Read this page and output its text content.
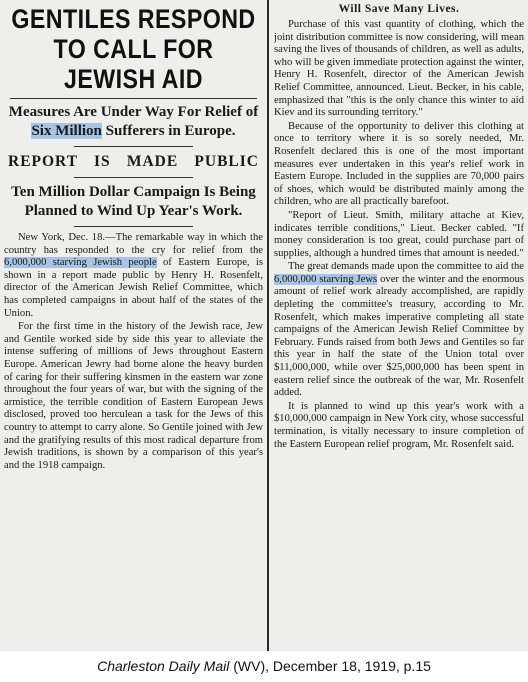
GENTILES RESPOND TO CALL FOR JEWISH AID
Measures Are Under Way For Relief of Six Million Sufferers in Europe.
REPORT IS MADE PUBLIC
Ten Million Dollar Campaign Is Being Planned to Wind Up Year's Work.

New York, Dec. 18.—The remarkable way in which the country has responded to the cry for relief from the 6,000,000 starving Jewish people of Eastern Europe, is shown in a report made public by Henry H. Rosenfelt, director of the American Jewish Relief Committee, which has completed campaigns in about half of the states of the Union.

For the first time in the history of the Jewish race, Jew and Gentile worked side by side this year to alleviate the intense suffering of millions of Jews throughout Eastern Europe. American Jewry had borne alone the heavy burden of caring for their suffering kinsmen in the eastern war zone throughout the four years of war, but with the signing of the armistice, the terrible condition of Eastern European Jews disclosed, proved too herculean a task for the Jews of this country to attempt to carry alone. So Gentile joined with Jew and the gratifying results of this most radical departure from Jewish traditions, is shown by a comparison of this year's and the 1918 campaign.

Will Save Many Lives.

Purchase of this vast quantity of clothing, which the joint distribution committee is now considering, will mean saving the lives of thousands of children, as well as adults, who will be given immediate protection against the winter, Henry H. Rosenfelt, director of the American Jewish Relief Committee, announced. Lieut. Becker, in his cable, emphasized that "this is the only chance this winter to aid Kiev and its surrounding territory."

Because of the opportunity to deliver this clothing at once to territory where it is so sorely needed, Mr. Rosenfelt declared this is one of the most important measures ever undertaken in this year's relief work in Eastern Europe. Included in the supplies are 70,000 pairs of shoes, which would be distributed mainly among the children, who are all practically barefoot.

"Report of Lieut. Smith, military attache at Kiev, indicates terrible conditions," Lieut. Becker cabled. "If money consideration is too great, could purchase part of supplies, although a hundred times that amount is needed."

The great demands made upon the committee to aid the 6,000,000 starving Jews over the winter and the enormous amount of relief work already accomplished, are rapidly depleting the committee's treasury, according to Mr. Rosenfelt, which makes imperative completing all state campaigns of the American Jewish Relief Committee by February. Funds raised from both Jews and Gentiles so far this year in half the state of the Union total over $11,000,000, while over $25,000,000 has been spent in eastern relief since the outbreak of the war, Mr. Rosenfelt added.

It is planned to wind up this year's work with a $10,000,000 campaign in New York city, whose successful termination, is vitally necessary to insure completion of the Eastern European relief program, Mr. Rosenfelt said.

Charleston Daily Mail (WV), December 18, 1919, p.15
